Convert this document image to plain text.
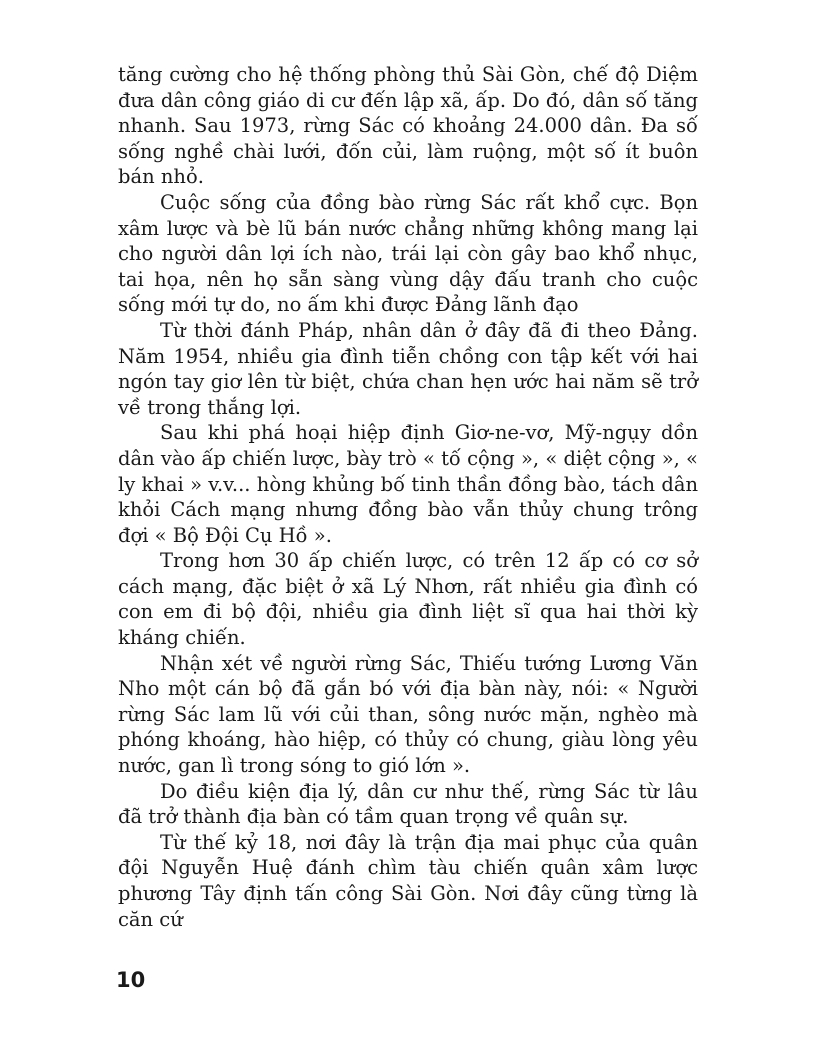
tăng cường cho hệ thống phòng thủ Sài Gòn, chế độ Diệm đưa dân công giáo di cư đến lập xã, ấp. Do đó, dân số tăng nhanh. Sau 1973, rừng Sác có khoảng 24.000 dân. Đa số sống nghề chài lưới, đốn củi, làm ruộng, một số ít buôn bán nhỏ.

Cuộc sống của đồng bào rừng Sác rất khổ cực. Bọn xâm lược và bè lũ bán nước chẳng những không mang lại cho người dân lợi ích nào, trái lại còn gây bao khổ nhục, tai họa, nên họ sẵn sàng vùng dậy đấu tranh cho cuộc sống mới tự do, no ấm khi được Đảng lãnh đạo

Từ thời đánh Pháp, nhân dân ở đây đã đi theo Đảng. Năm 1954, nhiều gia đình tiễn chồng con tập kết với hai ngón tay giơ lên từ biệt, chứa chan hẹn ước hai năm sẽ trở về trong thắng lợi.

Sau khi phá hoại hiệp định Giơ-ne-vơ, Mỹ-ngụy dồn dân vào ấp chiến lược, bày trò « tố cộng », « diệt cộng », « ly khai » v.v... hòng khủng bố tinh thần đồng bào, tách dân khỏi Cách mạng nhưng đồng bào vẫn thủy chung trông đợi « Bộ Đội Cụ Hồ ».

Trong hơn 30 ấp chiến lược, có trên 12 ấp có cơ sở cách mạng, đặc biệt ở xã Lý Nhơn, rất nhiều gia đình có con em đi bộ đội, nhiều gia đình liệt sĩ qua hai thời kỳ kháng chiến.

Nhận xét về người rừng Sác, Thiếu tướng Lương Văn Nho một cán bộ đã gắn bó với địa bàn này, nói: « Người rừng Sác lam lũ với củi than, sông nước mặn, nghèo mà phóng khoáng, hào hiệp, có thủy có chung, giàu lòng yêu nước, gan lì trong sóng to gió lớn ».

Do điều kiện địa lý, dân cư như thế, rừng Sác từ lâu đã trở thành địa bàn có tầm quan trọng về quân sự.

Từ thế kỷ 18, nơi đây là trận địa mai phục của quân đội Nguyễn Huệ đánh chìm tàu chiến quân xâm lược phương Tây định tấn công Sài Gòn. Nơi đây cũng từng là căn cứ

10
